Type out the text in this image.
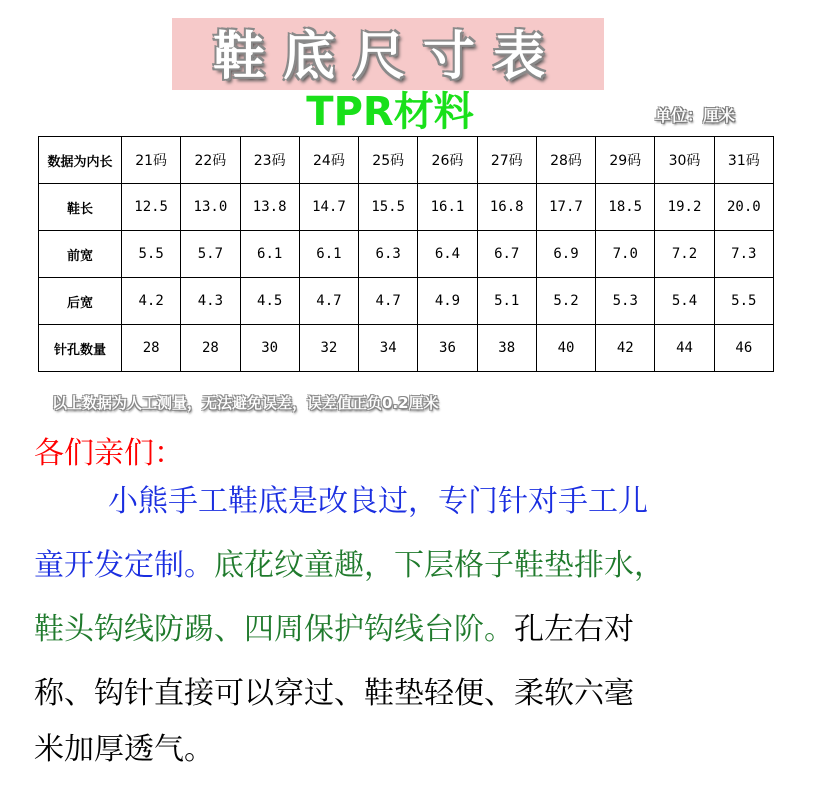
鞋底尺寸表
TPR材料	单位：厘米
数据为内长	21码	22码	23码	24码	25码	26码	27码	28码	29码	30码	31码
鞋长	12.5	13.0	13.8	14.7	15.5	16.1	16.8	17.7	18.5	19.2	20.0
前宽	5.5	5.7	6.1	6.1	6.3	6.4	6.7	6.9	7.0	7.2	7.3
后宽	4.2	4.3	4.5	4.7	4.7	4.9	5.1	5.2	5.3	5.4	5.5
针孔数量	28	28	30	32	34	36	38	40	42	44	46
以上数据为人工测量，无法避免误差，误差值正负0.2厘米
各们亲们：
小熊手工鞋底是改良过，专门针对手工儿
童开发定制。底花纹童趣，下层格子鞋垫排水，
鞋头钩线防踢、四周保护钩线台阶。孔左右对
称、钩针直接可以穿过、鞋垫轻便、柔软六毫
米加厚透气。
